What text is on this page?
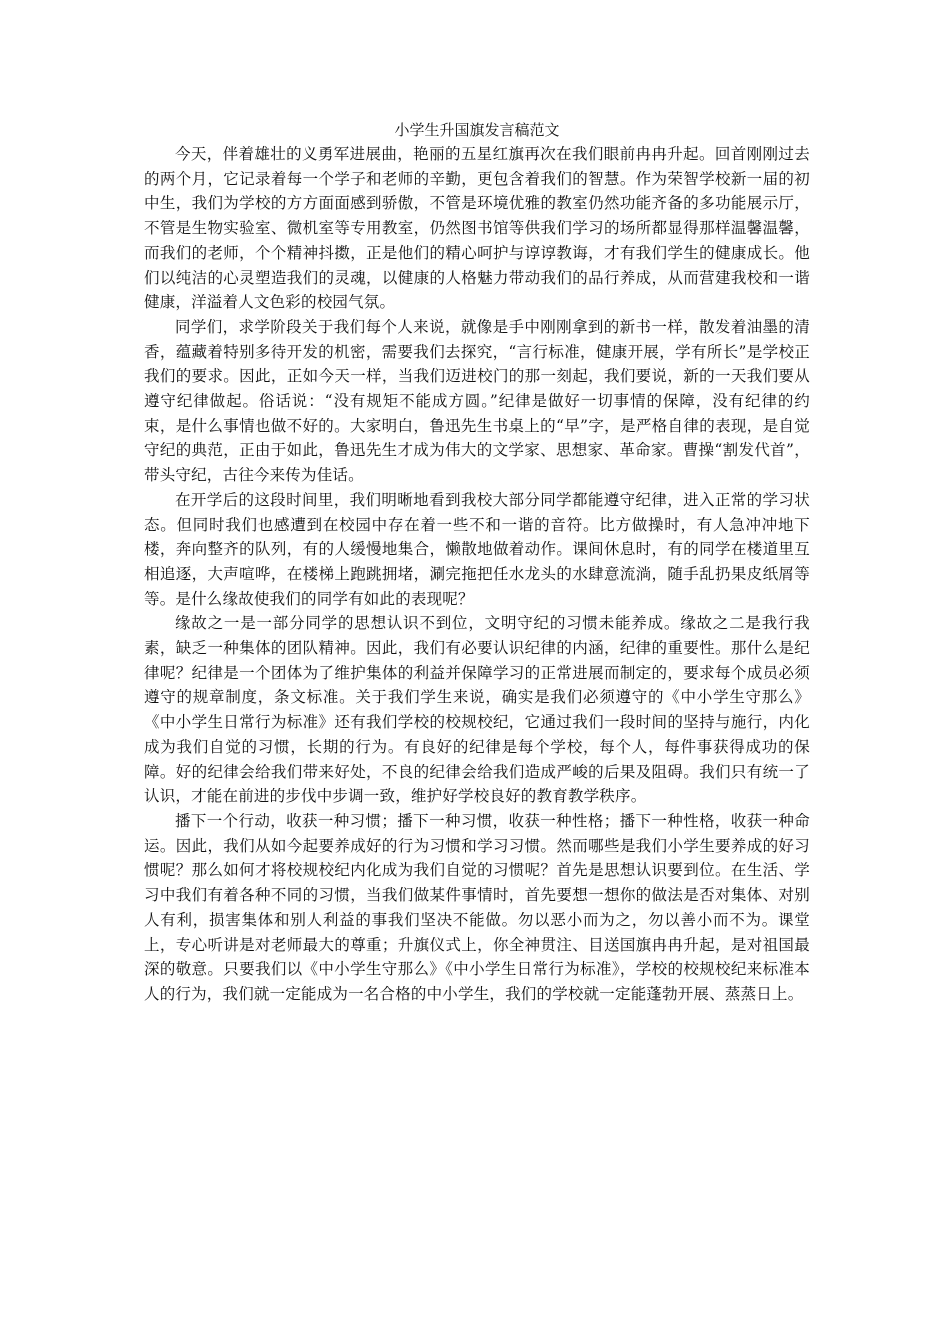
小学生升国旗发言稿范文

今天，伴着雄壮的义勇军进展曲，艳丽的五星红旗再次在我们眼前冉冉升起。回首刚刚过去的两个月，它记录着每一个学子和老师的辛勤，更包含着我们的智慧。作为荣智学校新一届的初中生，我们为学校的方方面面感到骄傲，不管是环境优雅的教室仍然功能齐备的多功能展示厅，不管是生物实验室、微机室等专用教室，仍然图书馆等供我们学习的场所都显得那样温馨温馨，而我们的老师，个个精神抖擞，正是他们的精心呵护与谆谆教诲，才有我们学生的健康成长。他们以纯洁的心灵塑造我们的灵魂，以健康的人格魅力带动我们的品行养成，从而营建我校和一谐健康，洋溢着人文色彩的校园气氛。

同学们，求学阶段关于我们每个人来说，就像是手中刚刚拿到的新书一样，散发着油墨的清香，蕴藏着特别多待开发的机密，需要我们去探究，“言行标准，健康开展，学有所长”是学校正我们的要求。因此，正如今天一样，当我们迈进校门的那一刻起，我们要说，新的一天我们要从遵守纪律做起。俗话说：“没有规矩不能成方圆。”纪律是做好一切事情的保障，没有纪律的约束，是什么事情也做不好的。大家明白，鲁迅先生书桌上的“早”字，是严格自律的表现，是自觉守纪的典范，正由于如此，鲁迅先生才成为伟大的文学家、思想家、革命家。曹操“割发代首”，带头守纪，古往今来传为佳话。

在开学后的这段时间里，我们明晰地看到我校大部分同学都能遵守纪律，进入正常的学习状态。但同时我们也感遭到在校园中存在着一些不和一谐的音符。比方做操时，有人急冲冲地下楼，奔向整齐的队列，有的人缓慢地集合，懒散地做着动作。课间休息时，有的同学在楼道里互相追逐，大声喧哗，在楼梯上跑跳拥堵，涮完拖把任水龙头的水肆意流淌，随手乱扔果皮纸屑等等。是什么缘故使我们的同学有如此的表现呢？

缘故之一是一部分同学的思想认识不到位，文明守纪的习惯未能养成。缘故之二是我行我素，缺乏一种集体的团队精神。因此，我们有必要认识纪律的内涵，纪律的重要性。那什么是纪律呢？纪律是一个团体为了维护集体的利益并保障学习的正常进展而制定的，要求每个成员必须遵守的规章制度，条文标准。关于我们学生来说，确实是我们必须遵守的《中小学生守那么》《中小学生日常行为标准》还有我们学校的校规校纪，它通过我们一段时间的坚持与施行，内化成为我们自觉的习惯，长期的行为。有良好的纪律是每个学校，每个人，每件事获得成功的保障。好的纪律会给我们带来好处，不良的纪律会给我们造成严峻的后果及阻碍。我们只有统一了认识，才能在前进的步伐中步调一致，维护好学校良好的教育教学秩序。

播下一个行动，收获一种习惯；播下一种习惯，收获一种性格；播下一种性格，收获一种命运。因此，我们从如今起要养成好的行为习惯和学习习惯。然而哪些是我们小学生要养成的好习惯呢？那么如何才将校规校纪内化成为我们自觉的习惯呢？首先是思想认识要到位。在生活、学习中我们有着各种不同的习惯，当我们做某件事情时，首先要想一想你的做法是否对集体、对别人有利，损害集体和别人利益的事我们坚决不能做。勿以恶小而为之，勿以善小而不为。课堂上，专心听讲是对老师最大的尊重；升旗仪式上，你全神贯注、目送国旗冉冉升起，是对祖国最深的敬意。只要我们以《中小学生守那么》《中小学生日常行为标准》，学校的校规校纪来标准本人的行为，我们就一定能成为一名合格的中小学生，我们的学校就一定能蓬勃开展、蒸蒸日上。
